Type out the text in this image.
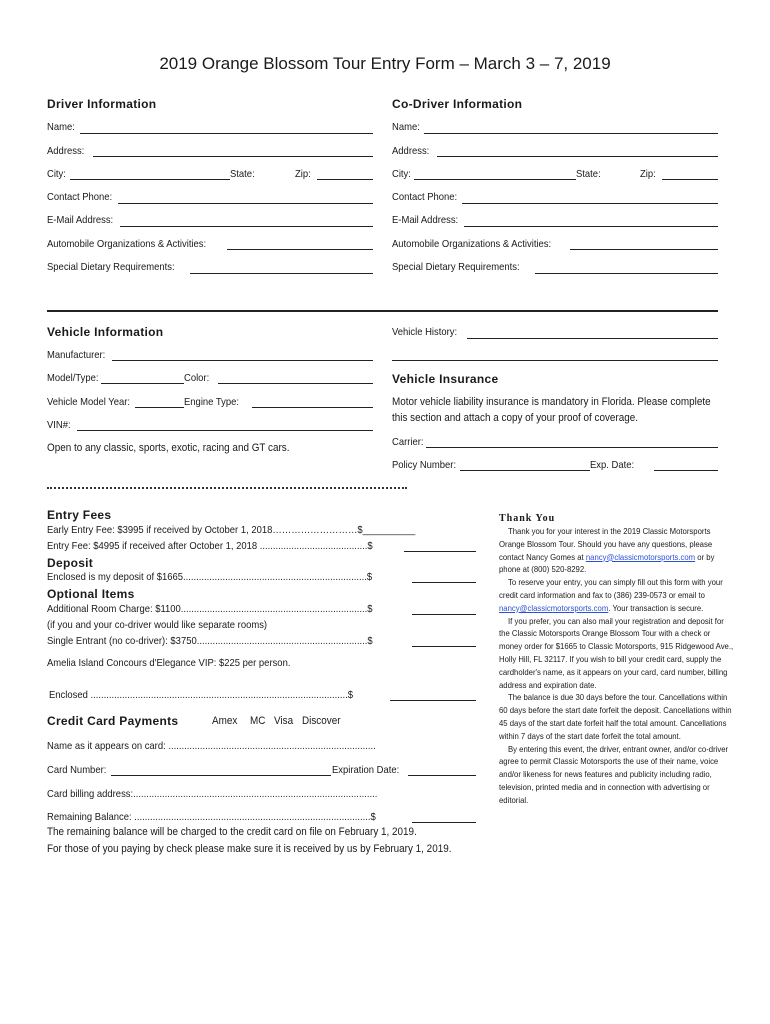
2019 Orange Blossom Tour Entry Form – March 3 – 7, 2019
Driver Information
Name:
Address:
City:	State:	Zip:
Contact Phone:
E-Mail Address:
Automobile Organizations & Activities:
Special Dietary Requirements:
Co-Driver Information
Name:
Address:
City:	State:	Zip:
Contact Phone:
E-Mail Address:
Automobile Organizations & Activities:
Special Dietary Requirements:
Vehicle Information
Manufacturer:
Model/Type:	Color:
Vehicle Model Year:	Engine Type:
VIN#:
Open to any classic, sports, exotic, racing and GT cars.
Vehicle History:
Vehicle Insurance
Motor vehicle liability insurance is mandatory in Florida. Please complete
this section and attach a copy of your proof of coverage.
Carrier:
Policy Number:	Exp. Date:
Entry Fees
Early Entry Fee: $3995 if received by October 1, 2018………………………$__________
Entry Fee: $4995 if received after October 1, 2018 .........................................$
Deposit
Enclosed is my deposit of $1665......................................................................$
Optional Items
Additional Room Charge: $1100.......................................................................$
(if you and your co-driver would like separate rooms)
Single Entrant (no co-driver): $3750.................................................................$
Amelia Island Concours d'Elegance VIP: $225 per person.
Enclosed ..................................................................................................$
Credit Card Payments	Amex MC Visa Discover
Name as it appears on card: ...............................................................................
Card Number:	Expiration Date:
Card billing address:.............................................................................................
Remaining Balance: ..........................................................................................$
The remaining balance will be charged to the credit card on file on February 1, 2019.
For those of you paying by check please make sure it is received by us by February 1, 2019.
Thank You
Thank you for your interest in the 2019 Classic Motorsports Orange Blossom Tour. Should you have any questions, please contact Nancy Gomes at nancy@classicmotorsports.com or by phone at (800) 520-8292.
To reserve your entry, you can simply fill out this form with your credit card information and fax to (386) 239-0573 or email to nancy@classicmotorsports.com. Your transaction is secure.
If you prefer, you can also mail your registration and deposit for the Classic Motorsports Orange Blossom Tour with a check or money order for $1665 to Classic Motorsports, 915 Ridgewood Ave., Holly Hill, FL 32117. If you wish to bill your credit card, supply the cardholder's name, as it appears on your card, card number, billing address and expiration date.
The balance is due 30 days before the tour. Cancellations within 60 days before the start date forfeit the deposit. Cancellations within 45 days of the start date forfeit half the total amount. Cancellations within 7 days of the start date forfeit the total amount.
By entering this event, the driver, entrant owner, and/or co-driver agree to permit Classic Motorsports the use of their name, voice and/or likeness for news features and publicity including radio, television, printed media and in connection with advertising or editorial.
